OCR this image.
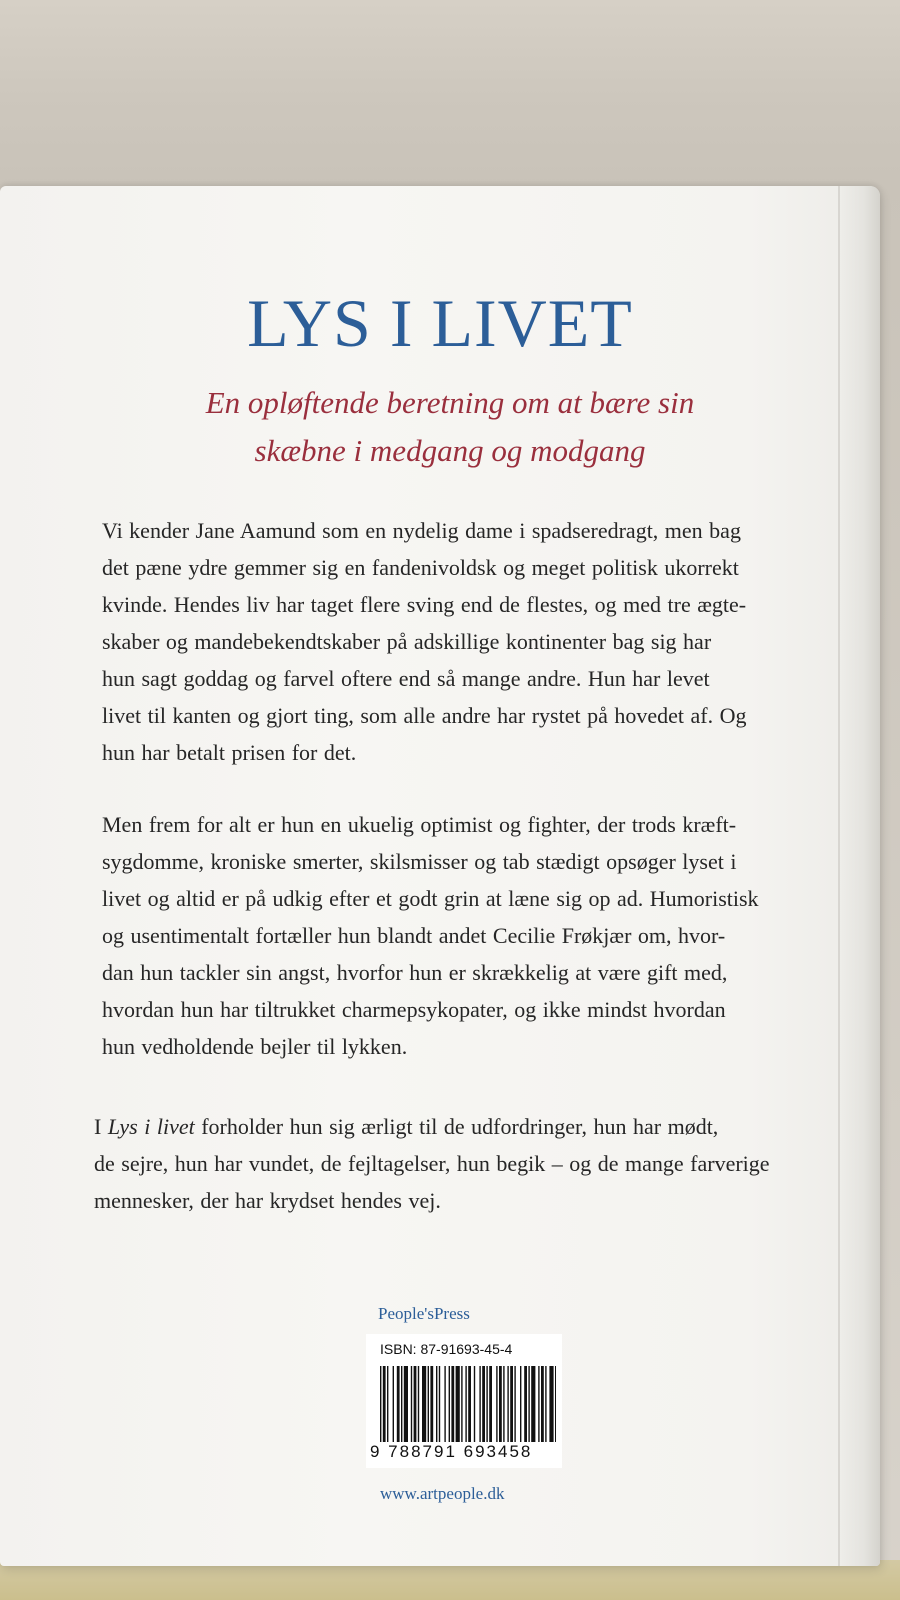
LYS I LIVET
En opløftende beretning om at bære sin
skæbne i medgang og modgang

Vi kender Jane Aamund som en nydelig dame i spadseredragt, men bag
det pæne ydre gemmer sig en fandenivoldsk og meget politisk ukorrekt
kvinde. Hendes liv har taget flere sving end de flestes, og med tre ægte-
skaber og mandebekendtskaber på adskillige kontinenter bag sig har
hun sagt goddag og farvel oftere end så mange andre. Hun har levet
livet til kanten og gjort ting, som alle andre har rystet på hovedet af. Og
hun har betalt prisen for det.

Men frem for alt er hun en ukuelig optimist og fighter, der trods kræft-
sygdomme, kroniske smerter, skilsmisser og tab stædigt opsøger lyset i
livet og altid er på udkig efter et godt grin at læne sig op ad. Humoristisk
og usentimentalt fortæller hun blandt andet Cecilie Frøkjær om, hvor-
dan hun tackler sin angst, hvorfor hun er skrækkelig at være gift med,
hvordan hun har tiltrukket charmepsykopater, og ikke mindst hvordan
hun vedholdende bejler til lykken.

I Lys i livet forholder hun sig ærligt til de udfordringer, hun har mødt,
de sejre, hun har vundet, de fejltagelser, hun begik – og de mange farverige
mennesker, der har krydset hendes vej.

People'sPress
ISBN: 87-91693-45-4
9 788791 693458
www.artpeople.dk
